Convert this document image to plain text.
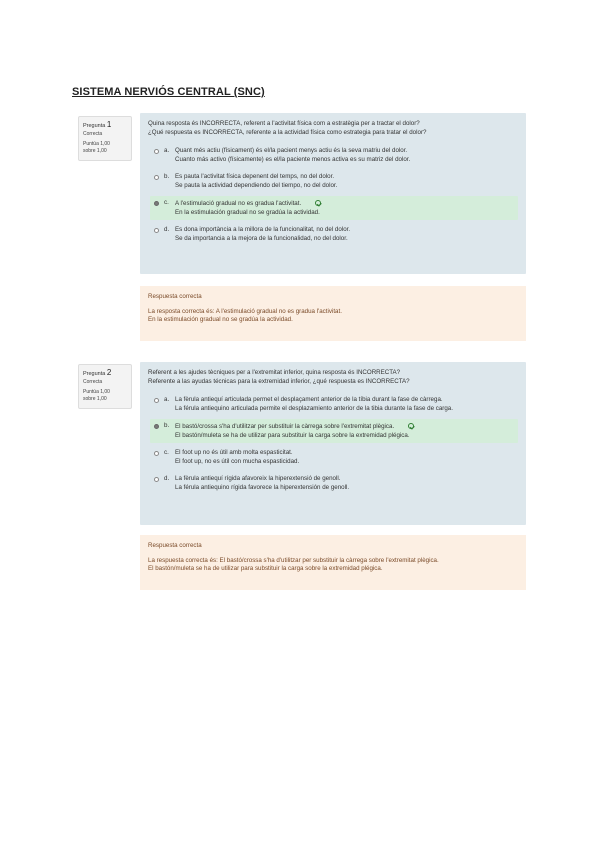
SISTEMA NERVIÓS CENTRAL (SNC)
Pregunta 1
Correcta
Puntúa 1,00
sobre 1,00

Quina resposta és INCORRECTA, referent a l'activitat física com a estratègia per a tractar el dolor?

¿Qué respuesta es INCORRECTA, referente a la actividad física como estrategia para tratar el dolor?

a. Quant més actiu (físicament) és el/la pacient menys actiu és la seva matriu del dolor.

Cuanto más activo (físicamente) es el/la paciente menos activa es su matriz del dolor.

b. Es pauta l'activitat física depenent del temps, no del dolor.

Se pauta la actividad dependiendo del tiempo, no del dolor.

c. A l'estimulació gradual no es gradua l'activitat.

En la estimulación gradual no se gradúa la actividad.

d. Es dona importància a la millora de la funcionalitat, no del dolor.

Se da importancia a la mejora de la funcionalidad, no del dolor.

Respuesta correcta

La resposta correcta és: A l'estimulació gradual no es gradua l'activitat.

En la estimulación gradual no se gradúa la actividad.

Pregunta 2
Correcta
Puntúa 1,00
sobre 1,00

Referent a les ajudes tècniques per a l'extremitat inferior, quina resposta és INCORRECTA?

Referente a las ayudas técnicas para la extremidad inferior, ¿qué respuesta es INCORRECTA?

a. La fèrula antiequí articulada permet el desplaçament anterior de la tíbia durant la fase de càrrega.

La férula antiequino articulada permite el desplazamiento anterior de la tibia durante la fase de carga.

b. El bastó/crossa s'ha d'utilitzar per substituir la càrrega sobre l'extremitat plègica.

El bastón/muleta se ha de utilizar para substituir la carga sobre la extremidad plégica.

c. El foot up no és útil amb molta espasticitat.

El foot up, no es útil con mucha espasticidad.

d. La fèrula antiequí rígida afavoreix la hiperextensió de genoll.

La férula antiequino rígida favorece la hiperextensión de genoll.

Respuesta correcta

La respuesta correcta és: El bastó/crossa s'ha d'utilitzar per substituir la càrrega sobre l'extremitat plègica.

El bastón/muleta se ha de utilizar para substituir la carga sobre la extremidad plégica.
